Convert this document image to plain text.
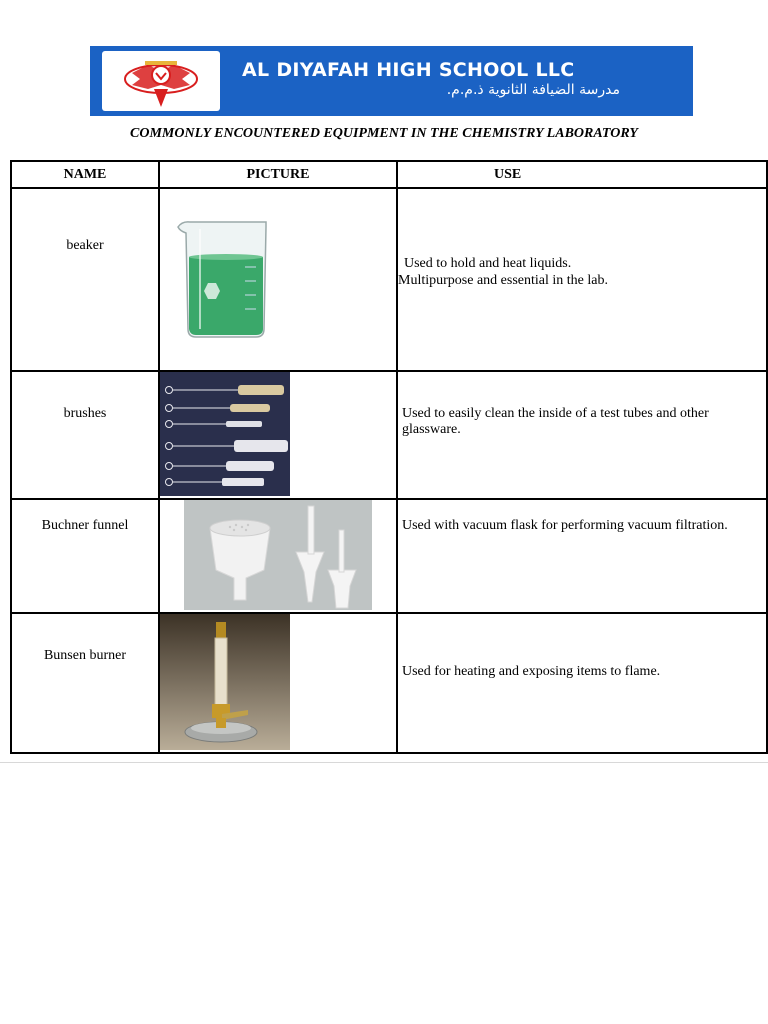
AL DIYAFAH HIGH SCHOOL LLC
مدرسة الضيافة الثانوية ذ.م.م.
COMMONLY ENCOUNTERED EQUIPMENT IN THE CHEMISTRY LABORATORY
NAME	PICTURE	USE

beaker		Used to hold and heat liquids.
Multipurpose and essential in the lab.

brushes		Used to easily clean the inside of a test tubes and other glassware.

Buchner funnel		Used with vacuum flask for performing vacuum filtration.

Bunsen burner		Used for heating and exposing items to flame.
